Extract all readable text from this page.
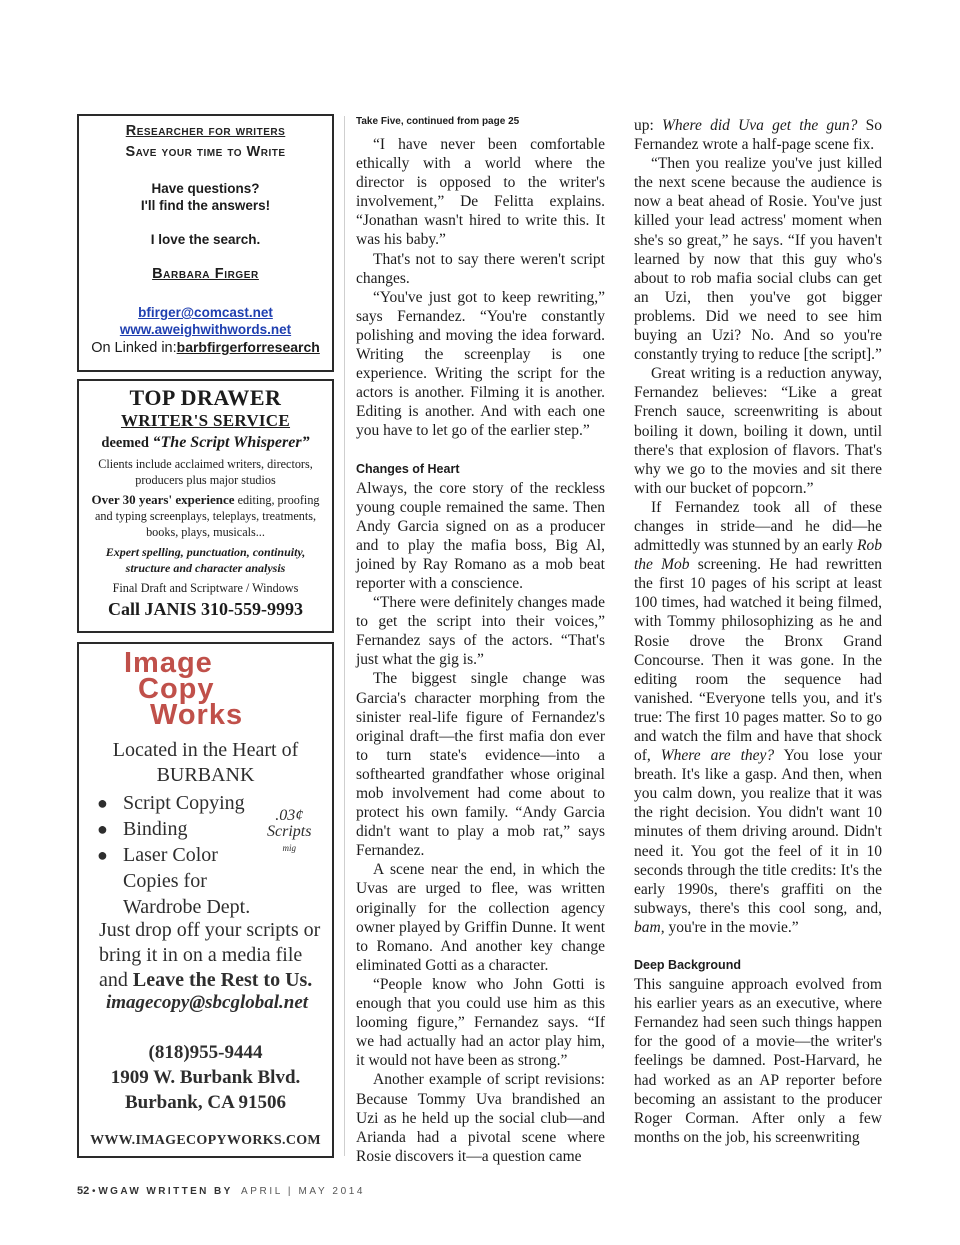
Researcher for writers
Save your time to Write
Have questions?
I'll find the answers!
I love the search.
Barbara Firger
bfirger@comcast.net
www.aweighwithwords.net
On Linked in:barbfirgerforresearch
TOP DRAWER
WRITER'S SERVICE
deemed “The Script Whisperer”
Clients include acclaimed writers, directors, producers plus major studios
Over 30 years' experience editing, proofing and typing screenplays, teleplays, treatments, books, plays, musicals...
Expert spelling, punctuation, continuity, structure and character analysis
Final Draft and Scriptware / Windows
Call JANIS 310-559-9993
Image
Copy
Works
Located in the Heart of
BURBANK
● Script Copying
● Binding
● Laser Color
Copies for
Wardrobe Dept.
.03¢
Scripts
mig
Just drop off your scripts or bring it in on a media file and Leave the Rest to Us.
imagecopy@sbcglobal.net
(818)955-9444
1909 W. Burbank Blvd.
Burbank, CA 91506
WWW.IMAGECOPYWORKS.COM
Take Five, continued from page 25

“I have never been comfortable ethically with a world where the director is opposed to the writer's involvement,” De Felitta explains. “Jonathan wasn't hired to write this. It was his baby.”

That's not to say there weren't script changes.

“You've just got to keep rewriting,” says Fernandez. “You're constantly polishing and moving the idea forward. Writing the screenplay is one experience. Writing the script for the actors is another. Filming it is another. Editing is another. And with each one you have to let go of the earlier step.”

Changes of Heart

Always, the core story of the reckless young couple remained the same. Then Andy Garcia signed on as a producer and to play the mafia boss, Big Al, joined by Ray Romano as a mob beat reporter with a conscience.

“There were definitely changes made to get the script into their voices,” Fernandez says of the actors. “That's just what the gig is.”

The biggest single change was Garcia's character morphing from the sinister real-life figure of Fernandez's original draft—the first mafia don ever to turn state's evidence—into a softhearted grandfather whose original mob involvement had come about to protect his own family. “Andy Garcia didn't want to play a mob rat,” says Fernandez.

A scene near the end, in which the Uvas are urged to flee, was written originally for the collection agency owner played by Griffin Dunne. It went to Romano. And another key change eliminated Gotti as a character.

“People know who John Gotti is enough that you could use him as this looming figure,” Fernandez says. “If we had actually had an actor play him, it would not have been as strong.”

Another example of script revisions: Because Tommy Uva brandished an Uzi as he held up the social club—and Arianda had a pivotal scene where Rosie discovers it—a question came

up: Where did Uva get the gun? So Fernandez wrote a half-page scene fix.

“Then you realize you've just killed the next scene because the audience is now a beat ahead of Rosie. You've just killed your lead actress' moment when she's so great,” he says. “If you haven't learned by now that this guy who's about to rob mafia social clubs can get an Uzi, then you've got bigger problems. Did we need to see him buying an Uzi? No. And so you're constantly trying to reduce [the script].”

Great writing is a reduction anyway, Fernandez believes: “Like a great French sauce, screenwriting is about boiling it down, boiling it down, until there's that explosion of flavors. That's why we go to the movies and sit there with our bucket of popcorn.”

If Fernandez took all of these changes in stride—and he did—he admittedly was stunned by an early Rob the Mob screening. He had rewritten the first 10 pages of his script at least 100 times, had watched it being filmed, with Tommy philosophizing as he and Rosie drove the Bronx Grand Concourse. Then it was gone. In the editing room the sequence had vanished. “Everyone tells you, and it's true: The first 10 pages matter. So to go and watch the film and have that shock of, Where are they? You lose your breath. It's like a gasp. And then, when you calm down, you realize that it was the right decision. You didn't want 10 minutes of them driving around. Didn't need it. You got the feel of it in 10 seconds through the title credits: It's the early 1990s, there's graffiti on the subways, there's this cool song, and, bam, you're in the movie.”

Deep Background

This sanguine approach evolved from his earlier years as an executive, where Fernandez had seen such things happen for the good of a movie—the writer's feelings be damned. Post-Harvard, he had worked as an AP reporter before becoming an assistant to the producer Roger Corman. After only a few months on the job, his screenwriting

52 • WGAW WRITTEN BY APRIL | MAY 2014
